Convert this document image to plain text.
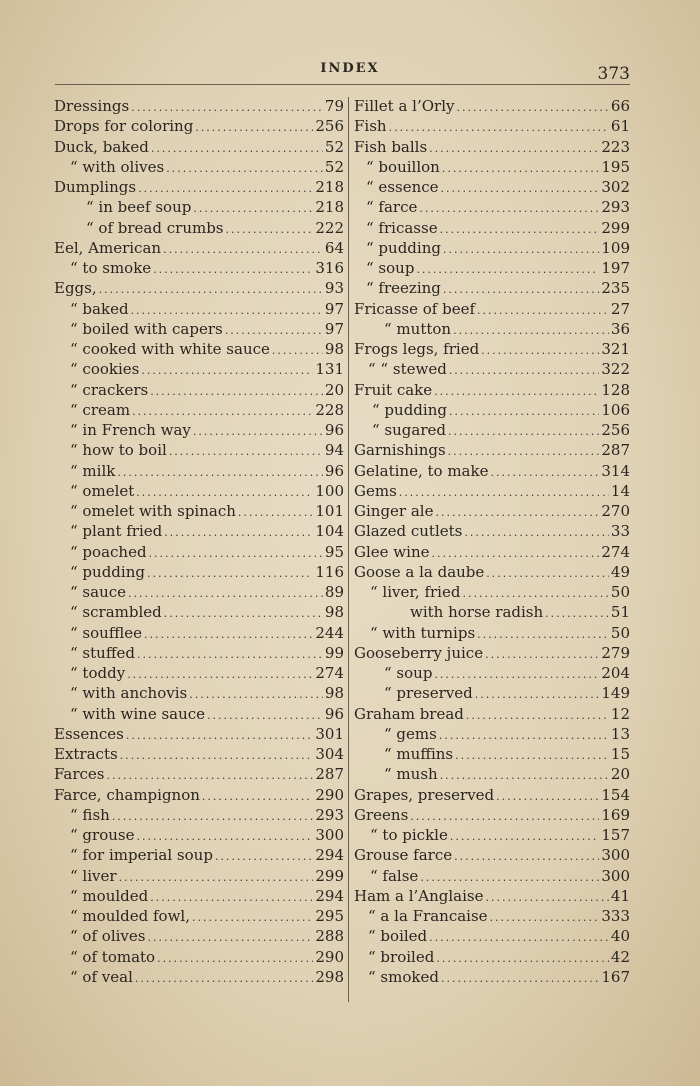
INDEX	373
Dressings .....	79
Drops for coloring .....	256
Duck, baked .....	52
“ with olives .....	52
Dumplings .....	218
“ in beef soup .....	218
“ of bread crumbs .....	222
Eel, American .....	64
“ to smoke .....	316
Eggs, .....	93
“ baked .....	97
“ boiled with capers .....	97
“ cooked with white sauce .....	98
“ cookies .....	131
“ crackers .....	20
“ cream .....	228
“ in French way .....	96
“ how to boil .....	94
“ milk .....	96
“ omelet .....	100
“ omelet with spinach .....	101
“ plant fried .....	104
“ poached .....	95
“ pudding .....	116
“ sauce .....	89
“ scrambled .....	98
“ soufflee .....	244
“ stuffed .....	99
“ toddy .....	274
“ with anchovis .....	98
“ with wine sauce .....	96
Essences .....	301
Extracts .....	304
Farces .....	287
Farce, champignon .....	290
“ fish .....	293
“ grouse .....	300
“ for imperial soup .....	294
“ liver .....	299
“ moulded .....	294
“ moulded fowl, .....	295
“ of olives .....	288
“ of tomato .....	290
“ of veal .....	298
Fillet a l’Orly .....	66
Fish .....	61
Fish balls .....	223
“ bouillon .....	195
“ essence .....	302
“ farce .....	293
“ fricasse .....	299
“ pudding .....	109
“ soup .....	197
“ freezing .....	235
Fricasse of beef .....	27
“ mutton .....	36
Frogs legs, fried .....	321
“ “ stewed .....	322
Fruit cake .....	128
“ pudding .....	106
“ sugared .....	256
Garnishings .....	287
Gelatine, to make .....	314
Gems .....	14
Ginger ale .....	270
Glazed cutlets .....	33
Glee wine .....	274
Goose a la daube .....	49
“ liver, fried .....	50
with horse radish .....	51
“ with turnips .....	50
Gooseberry juice .....	279
“ soup .....	204
“ preserved .....	149
Graham bread .....	12
“ gems .....	13
“ muffins .....	15
“ mush .....	20
Grapes, preserved .....	154
Greens .....	169
“ to pickle .....	157
Grouse farce .....	300
“ false .....	300
Ham a l’Anglaise .....	41
“ a la Francaise .....	333
“ boiled .....	40
“ broiled .....	42
“ smoked .....	167
